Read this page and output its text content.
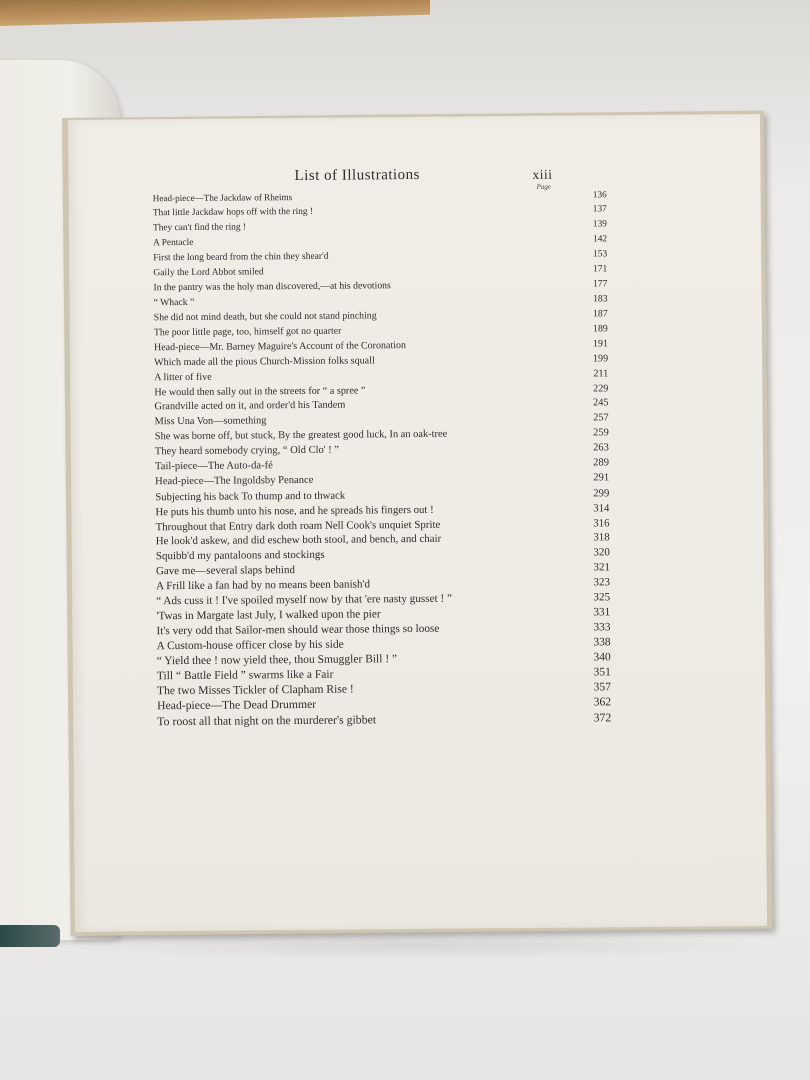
List of Illustrations	xiii
Page
Head-piece—The Jackdaw of Rheims	136
That little Jackdaw hops off with the ring !	137
They can't find the ring !	139
A Pentacle	142
First the long beard from the chin they shear'd	153
Gaily the Lord Abbot smiled	171
In the pantry was the holy man discovered,—at his devotions	177
“ Whack ”	183
She did not mind death, but she could not stand pinching	187
The poor little page, too, himself got no quarter	189
Head-piece—Mr. Barney Maguire's Account of the Coronation	191
Which made all the pious Church-Mission folks squall	199
A litter of five	211
He would then sally out in the streets for “ a spree ”	229
Grandville acted on it, and order'd his Tandem	245
Miss Una Von—something	257
She was borne off, but stuck, By the greatest good luck, In an oak-tree	259
They heard somebody crying, “ Old Clo' ! ”	263
Tail-piece—The Auto-da-fé	289
Head-piece—The Ingoldsby Penance	291
Subjecting his back To thump and to thwack	299
He puts his thumb unto his nose, and he spreads his fingers out !	314
Throughout that Entry dark doth roam Nell Cook's unquiet Sprite	316
He look'd askew, and did eschew both stool, and bench, and chair	318
Squibb'd my pantaloons and stockings	320
Gave me—several slaps behind	321
A Frill like a fan had by no means been banish'd	323
“ Ads cuss it ! I've spoiled myself now by that 'ere nasty gusset ! ”	325
'Twas in Margate last July, I walked upon the pier	331
It's very odd that Sailor-men should wear those things so loose	333
A Custom-house officer close by his side	338
“ Yield thee ! now yield thee, thou Smuggler Bill ! ”	340
Till “ Battle Field ” swarms like a Fair	351
The two Misses Tickler of Clapham Rise !	357
Head-piece—The Dead Drummer	362
To roost all that night on the murderer's gibbet	372
